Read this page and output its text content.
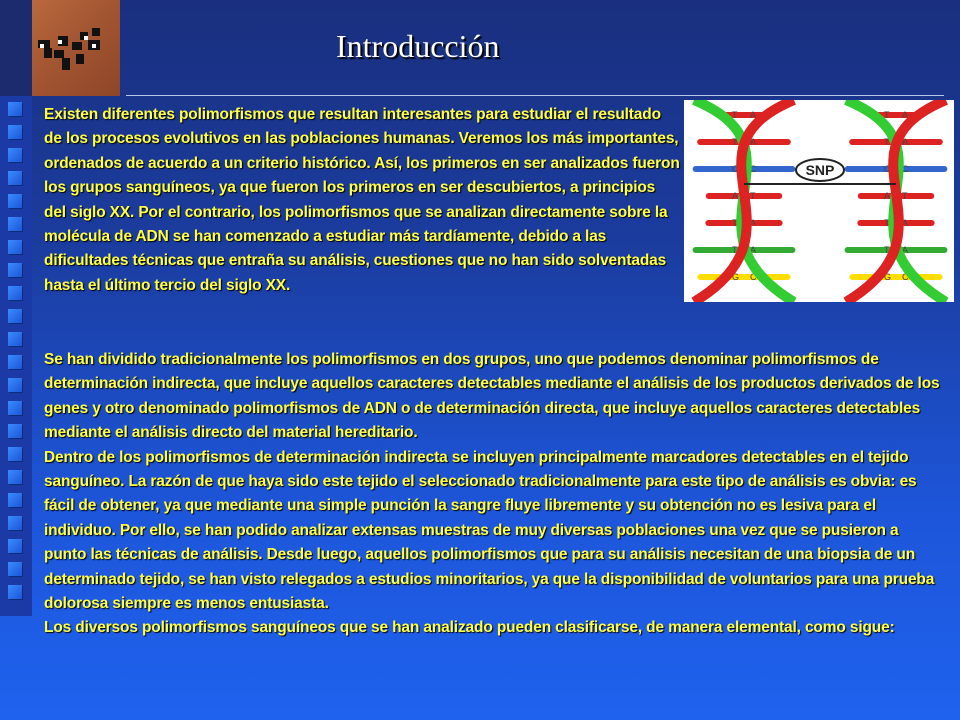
Introducción

Existen diferentes polimorfismos que resultan interesantes para estudiar el resultado de los procesos evolutivos en las poblaciones humanas. Veremos los más importantes, ordenados de acuerdo a un criterio histórico. Así, los primeros en ser analizados fueron los grupos sanguíneos, ya que fueron los primeros en ser descubiertos, a principios del siglo XX. Por el contrario, los polimorfismos que se analizan directamente sobre la molécula de ADN se han comenzado a estudiar más tardíamente, debido a las dificultades técnicas que entraña su análisis, cuestiones que no han sido solventadas hasta el último tercio del siglo XX.

T A
T A
G C
A T
T A
T A
G C
T A
T A
G C
A T
T A
T A
G C
SNP
Se han dividido tradicionalmente los polimorfismos en dos grupos, uno que podemos denominar polimorfismos de determinación indirecta, que incluye aquellos caracteres detectables mediante el análisis de los productos derivados de los genes y otro denominado polimorfismos de ADN o de determinación directa, que incluye aquellos caracteres detectables mediante el análisis directo del material hereditario.
Dentro de los polimorfismos de determinación indirecta se incluyen principalmente marcadores detectables en el tejido sanguíneo. La razón de que haya sido este tejido el seleccionado tradicionalmente para este tipo de análisis es obvia: es fácil de obtener, ya que mediante una simple punción la sangre fluye libremente y su obtención no es lesiva para el individuo. Por ello, se han podido analizar extensas muestras de muy diversas poblaciones una vez que se pusieron a punto las técnicas de análisis. Desde luego, aquellos polimorfismos que para su análisis necesitan de una biopsia de un determinado tejido, se han visto relegados a estudios minoritarios, ya que la disponibilidad de voluntarios para una prueba dolorosa siempre es menos entusiasta.
Los diversos polimorfismos sanguíneos que se han analizado pueden clasificarse, de manera elemental, como sigue:
